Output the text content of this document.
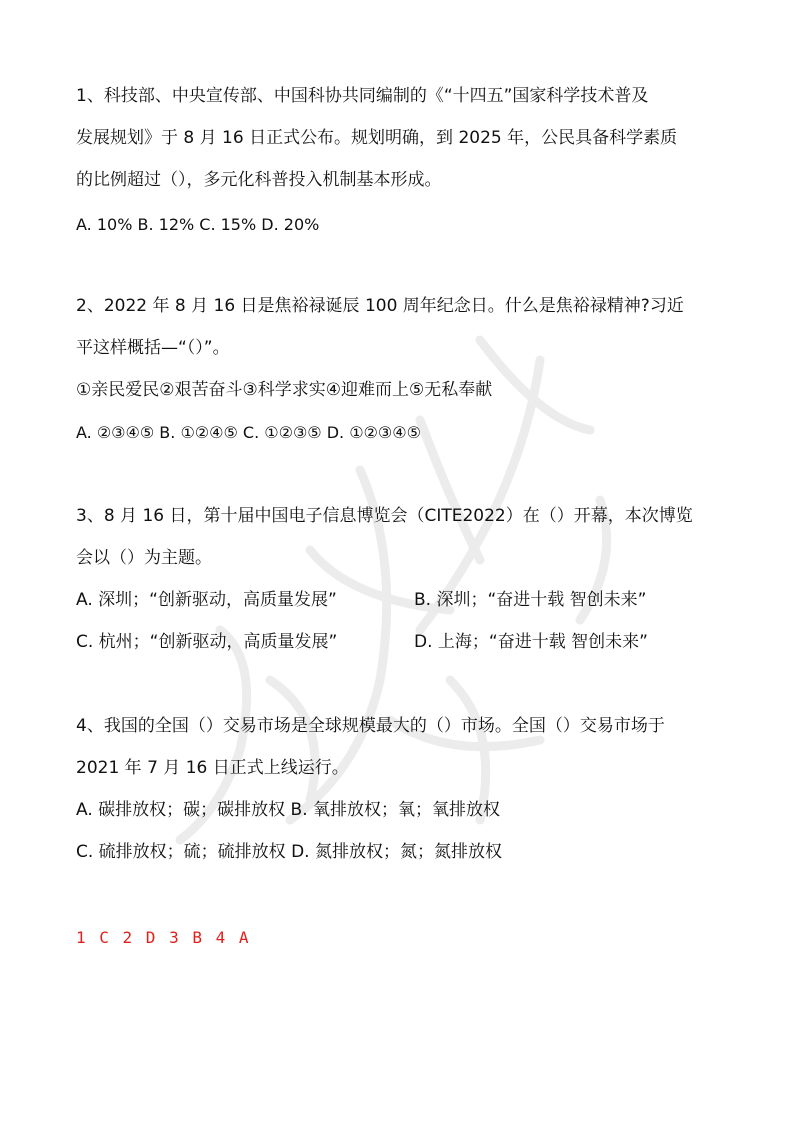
1、科技部、中央宣传部、中国科协共同编制的《“十四五”国家科学技术普及
发展规划》于 8 月 16 日正式公布。规划明确，到 2025 年，公民具备科学素质
的比例超过（），多元化科普投入机制基本形成。
A. 10% B. 12% C. 15% D. 20%
2、2022 年 8 月 16 日是焦裕禄诞辰 100 周年纪念日。什么是焦裕禄精神?习近
平这样概括—“（）”。
①亲民爱民②艰苦奋斗③科学求实④迎难而上⑤无私奉献
A. ②③④⑤ B. ①②④⑤ C. ①②③⑤ D. ①②③④⑤
3、8 月 16 日，第十届中国电子信息博览会（CITE2022）在（）开幕，本次博览
会以（）为主题。
A. 深圳；“创新驱动，高质量发展”	B. 深圳；“奋进十载 智创未来”
C. 杭州；“创新驱动，高质量发展”	D. 上海；“奋进十载 智创未来”
4、我国的全国（）交易市场是全球规模最大的（）市场。全国（）交易市场于
2021 年 7 月 16 日正式上线运行。
A. 碳排放权；碳；碳排放权 B. 氧排放权；氧；氧排放权
C. 硫排放权；硫；硫排放权 D. 氮排放权；氮；氮排放权
1 C 2 D 3 B 4 A
